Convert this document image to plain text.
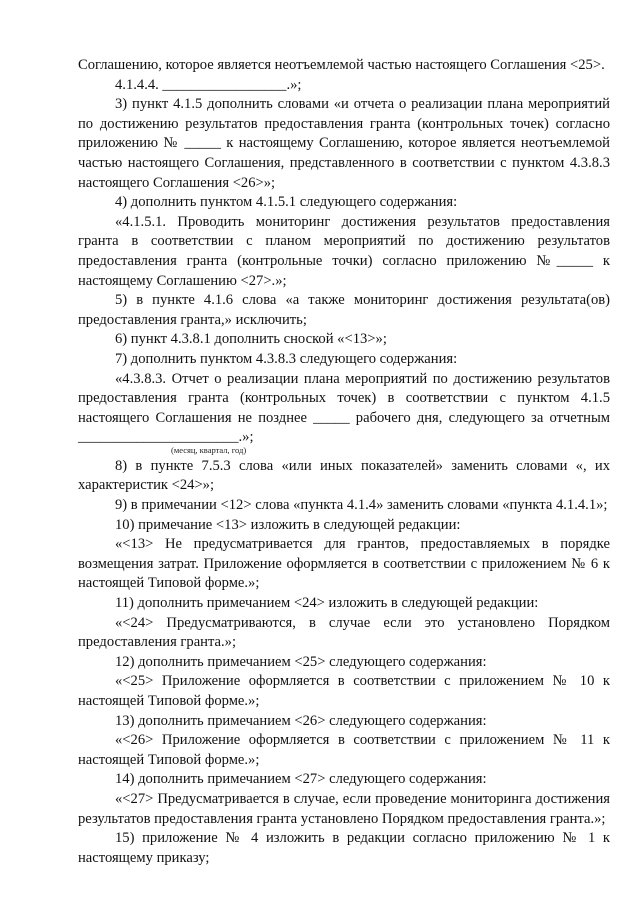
Соглашению, которое является неотъемлемой частью настоящего Соглашения <25>.

4.1.4.4. _________________.»;

3) пункт 4.1.5 дополнить словами «и отчета о реализации плана мероприятий по достижению результатов предоставления гранта (контрольных точек) согласно приложению № _____ к настоящему Соглашению, которое является неотъемлемой частью настоящего Соглашения, представленного в соответствии с пунктом 4.3.8.3 настоящего Соглашения <26>»;

4) дополнить пунктом 4.1.5.1 следующего содержания:

«4.1.5.1. Проводить мониторинг достижения результатов предоставления гранта в соответствии с планом мероприятий по достижению результатов предоставления гранта (контрольные точки) согласно приложению №_____ к настоящему Соглашению <27>.»;

5) в пункте 4.1.6 слова «а также мониторинг достижения результата(ов) предоставления гранта,» исключить;

6) пункт 4.3.8.1 дополнить сноской «<13>»;

7) дополнить пунктом 4.3.8.3 следующего содержания:

«4.3.8.3. Отчет о реализации плана мероприятий по достижению результатов предоставления гранта (контрольных точек) в соответствии с пунктом 4.1.5 настоящего Соглашения не позднее _____ рабочего дня, следующего за отчетным ______________________.»;

(месяц, квартал, год)

8) в пункте 7.5.3 слова «или иных показателей» заменить словами «, их характеристик <24>»;

9) в примечании <12> слова «пункта 4.1.4» заменить словами «пункта 4.1.4.1»;

10) примечание <13> изложить в следующей редакции:

«<13> Не предусматривается для грантов, предоставляемых в порядке возмещения затрат. Приложение оформляется в соответствии с приложением № 6 к настоящей Типовой форме.»;

11) дополнить примечанием <24> изложить в следующей редакции:

«<24> Предусматриваются, в случае если это установлено Порядком предоставления гранта.»;

12) дополнить примечанием <25> следующего содержания:

«<25> Приложение оформляется в соответствии с приложением № 10 к настоящей Типовой форме.»;

13) дополнить примечанием <26> следующего содержания:

«<26> Приложение оформляется в соответствии с приложением № 11 к настоящей Типовой форме.»;

14) дополнить примечанием <27> следующего содержания:

«<27> Предусматривается в случае, если проведение мониторинга достижения результатов предоставления гранта установлено Порядком предоставления гранта.»;

15) приложение № 4 изложить в редакции согласно приложению № 1 к настоящему приказу;
